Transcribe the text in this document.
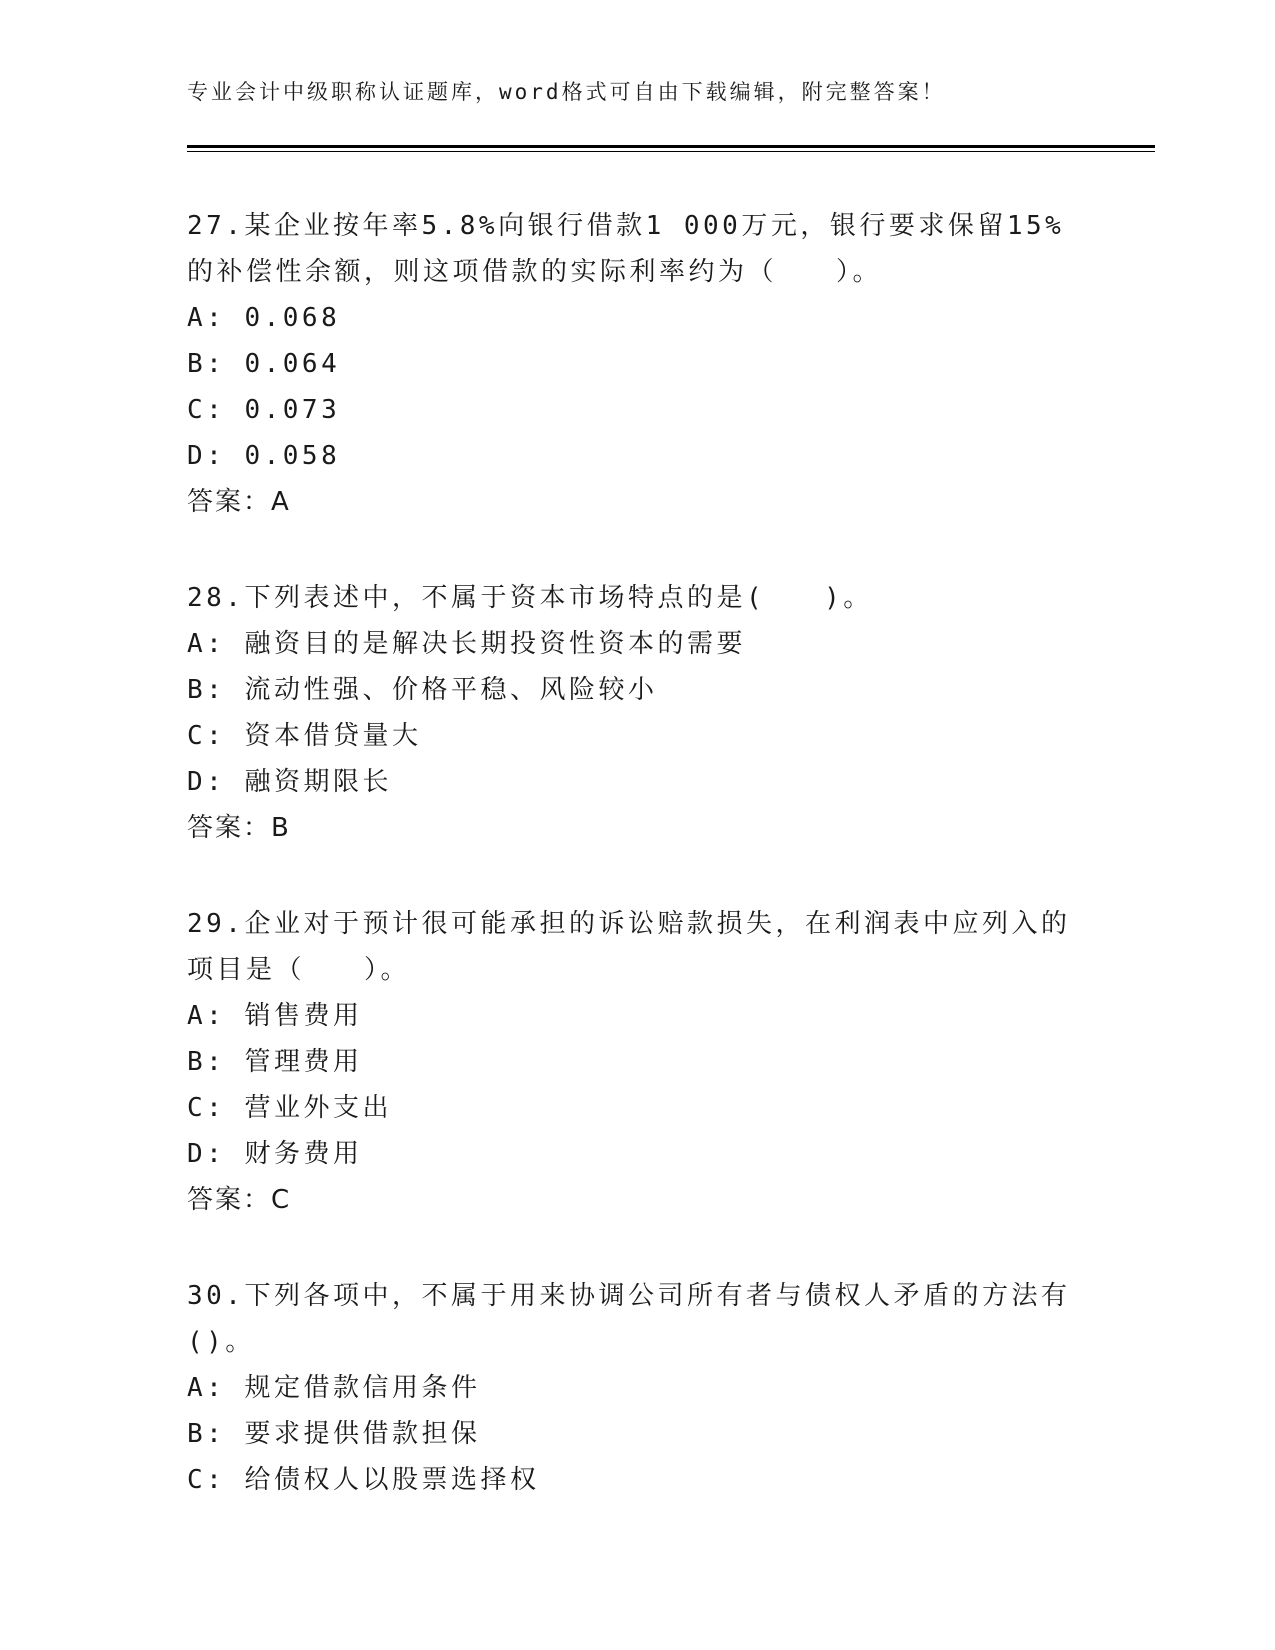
专业会计中级职称认证题库，word格式可自由下载编辑，附完整答案！

27.某企业按年率5.8%向银行借款1 000万元，银行要求保留15%的补偿性余额，则这项借款的实际利率约为（　　）。

A: 0.068

B: 0.064

C: 0.073

D: 0.058

答案：A

28.下列表述中，不属于资本市场特点的是(　　)。

A: 融资目的是解决长期投资性资本的需要

B: 流动性强、价格平稳、风险较小

C: 资本借贷量大

D: 融资期限长

答案：B

29.企业对于预计很可能承担的诉讼赔款损失，在利润表中应列入的项目是（　　）。

A: 销售费用

B: 管理费用

C: 营业外支出

D: 财务费用

答案：C

30.下列各项中，不属于用来协调公司所有者与债权人矛盾的方法有()。

A: 规定借款信用条件

B: 要求提供借款担保

C: 给债权人以股票选择权
